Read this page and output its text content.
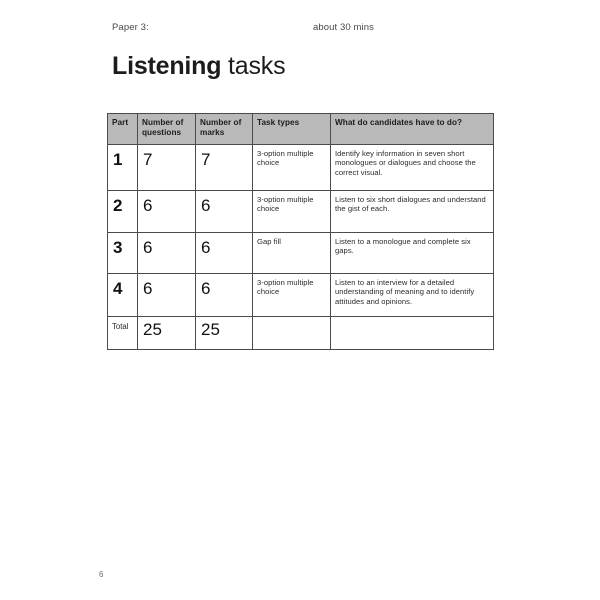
Paper 3:	about 30 mins
Listening tasks
Part	Number of questions	Number of marks	Task types	What do candidates have to do?
1	7	7	3-option multiple choice	Identify key information in seven short monologues or dialogues and choose the correct visual.
2	6	6	3-option multiple choice	Listen to six short dialogues and understand the gist of each.
3	6	6	Gap fill	Listen to a monologue and complete six gaps.
4	6	6	3-option multiple choice	Listen to an interview for a detailed understanding of meaning and to identify attitudes and opinions.
Total	25	25		
6
